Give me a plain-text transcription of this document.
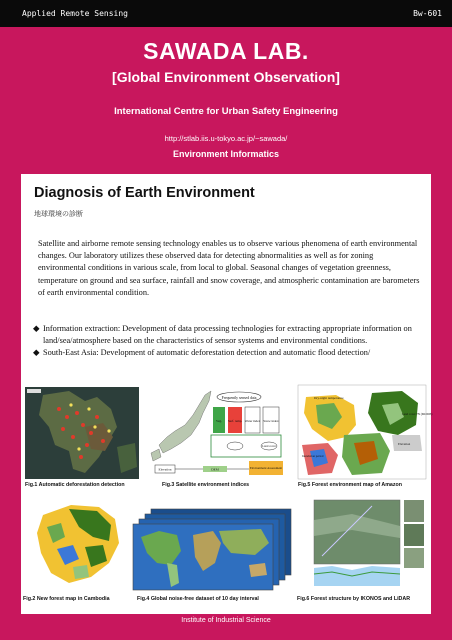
Applied Remote Sensing	Bw-601
SAWADA LAB.
[Global Environment Observation]
International Centre for Urban Safety Engineering
http://stlab.iis.u-tokyo.ac.jp/~sawada/
Environment Informatics
Diagnosis of Earth Environment
地球環境の診断
Satellite and airborne remote sensing technology enables us to observe various phenomena of earth environmental changes. Our laboratory utilizes these observed data for detecting abnormalities as well as for zoning environmental conditions in various scale, from local to global. Seasonal changes of vegetation greenness, temperature on ground and sea surface, rainfall and snow coverage, and atmospheric contamination are barometers of earth environmental condition.
◆ Information extraction: Development of data processing technologies for extracting appropriate information on land/sea/atmosphere based on the characteristics of sensor systems and environmental conditions.
◆ South-East Asia: Development of automatic deforestation detection and automatic flood detection/
Fig.1 Automatic deforestation detection
Frequently sensed data
Veg. Surf. temp. Water index Snow index
Land cover
Elevation	DEM	Environment Assessment
Fig.3 Satellite environment indices
Dry-night temperature
Land cover 7N (MODIS)
Inundation period
Elevation
Fig.5 Forest environment map of Amazon
Fig.2 New forest map in Cambodia	Fig.4 Global noise-free dataset of 10 day interval	Fig.6 Forest structure by IKONOS and LiDAR
Institute of Industrial Science
